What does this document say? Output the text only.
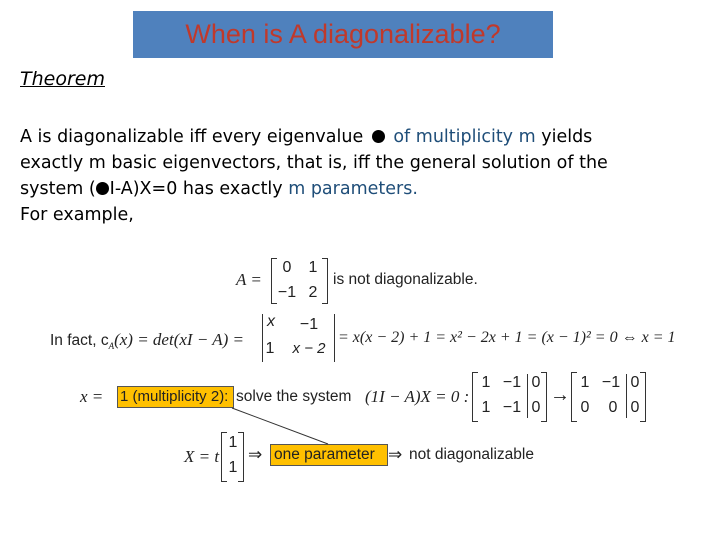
When is A diagonalizable?
Theorem
A is diagonalizable iff every eigenvalue  of multiplicity m yields
exactly m basic eigenvectors, that is, iff the general solution of the
system ( I-A)X=0 has exactly m parameters.
For example,
A =
0	1
−1 2
is not diagonalizable.
In fact, $c_A(x) = \det(xI - A)$ =
x −1
1	x − 2
= x(x − 2) + 1 = x² − 2x + 1 = (x − 1)² = 0 ⇔ x = 1
x = 1 (multiplicity 2): solve the system (1I − A)X = 0 :
1 −1 0
1 −1 0
→
1 −1 0
0	0 0
X = t
1
1
⇒ one parameter ⇒ not diagonalizable
